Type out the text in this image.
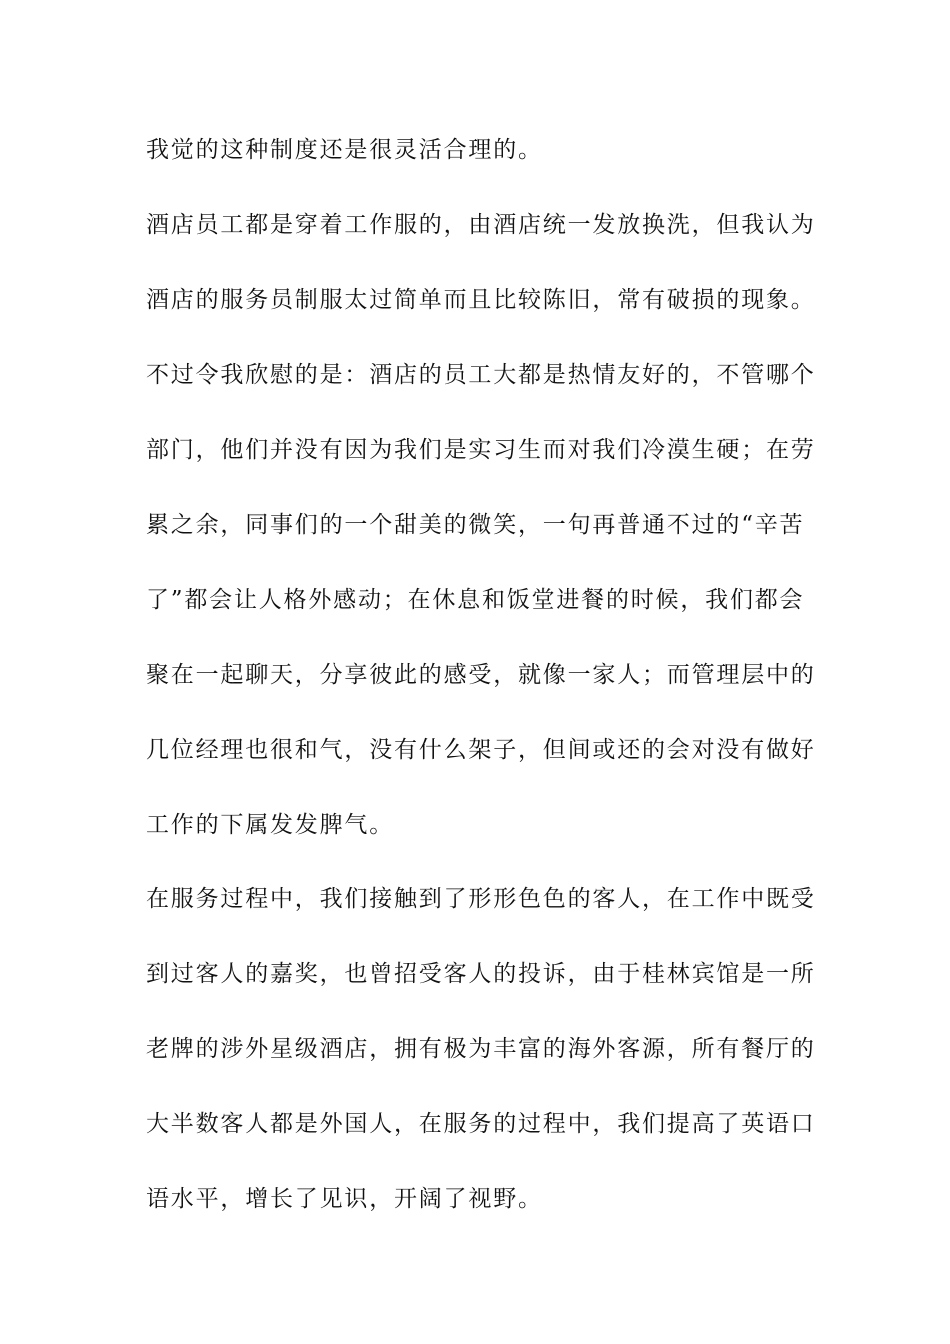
我觉的这种制度还是很灵活合理的。
酒店员工都是穿着工作服的，由酒店统一发放换洗，但我认为
酒店的服务员制服太过简单而且比较陈旧，常有破损的现象。
不过令我欣慰的是：酒店的员工大都是热情友好的，不管哪个
部门，他们并没有因为我们是实习生而对我们冷漠生硬；在劳
累之余，同事们的一个甜美的微笑，一句再普通不过的“辛苦
了”都会让人格外感动；在休息和饭堂进餐的时候，我们都会
聚在一起聊天，分享彼此的感受，就像一家人；而管理层中的
几位经理也很和气，没有什么架子，但间或还的会对没有做好
工作的下属发发脾气。
在服务过程中，我们接触到了形形色色的客人，在工作中既受
到过客人的嘉奖，也曾招受客人的投诉，由于桂林宾馆是一所
老牌的涉外星级酒店，拥有极为丰富的海外客源，所有餐厅的
大半数客人都是外国人，在服务的过程中，我们提高了英语口
语水平，增长了见识，开阔了视野。
